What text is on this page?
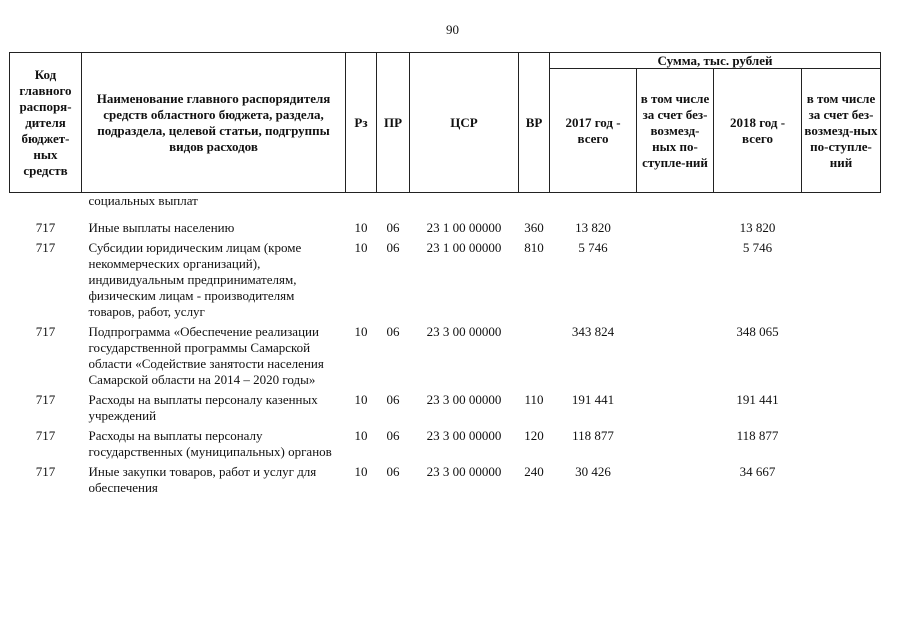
90
Код главного распоря-дителя бюджет-ных средств	Наименование главного распорядителя средств областного бюджета, раздела, подраздела, целевой статьи, подгруппы видов расходов	Рз	ПР	ЦСР	ВР	Сумма, тыс. рублей			
						2017 год - всего	в том числе за счет без-возмезд-ных по-ступле-ний	2018 год - всего	в том числе за счет без-возмезд-ных по-ступле-ний
	социальных выплат								

717	Иные выплаты населению	10	06	23 1 00 00000	360	13 820		13 820	
717	Субсидии юридическим лицам (кроме некоммерческих организаций), индивидуальным предпринимателям, физическим лицам - производителям товаров, работ, услуг	10	06	23 1 00 00000	810	5 746		5 746	
717	Подпрограмма «Обеспечение реализации государственной программы Самарской области «Содействие занятости населения Самарской области на 2014 – 2020 годы»	10	06	23 3 00 00000		343 824		348 065	
717	Расходы на выплаты персоналу казенных учреждений	10	06	23 3 00 00000	110	191 441		191 441	
717	Расходы на выплаты персоналу государственных (муниципальных) органов	10	06	23 3 00 00000	120	118 877		118 877	
717	Иные закупки товаров, работ и услуг для обеспечения	10	06	23 3 00 00000	240	30 426		34 667	
